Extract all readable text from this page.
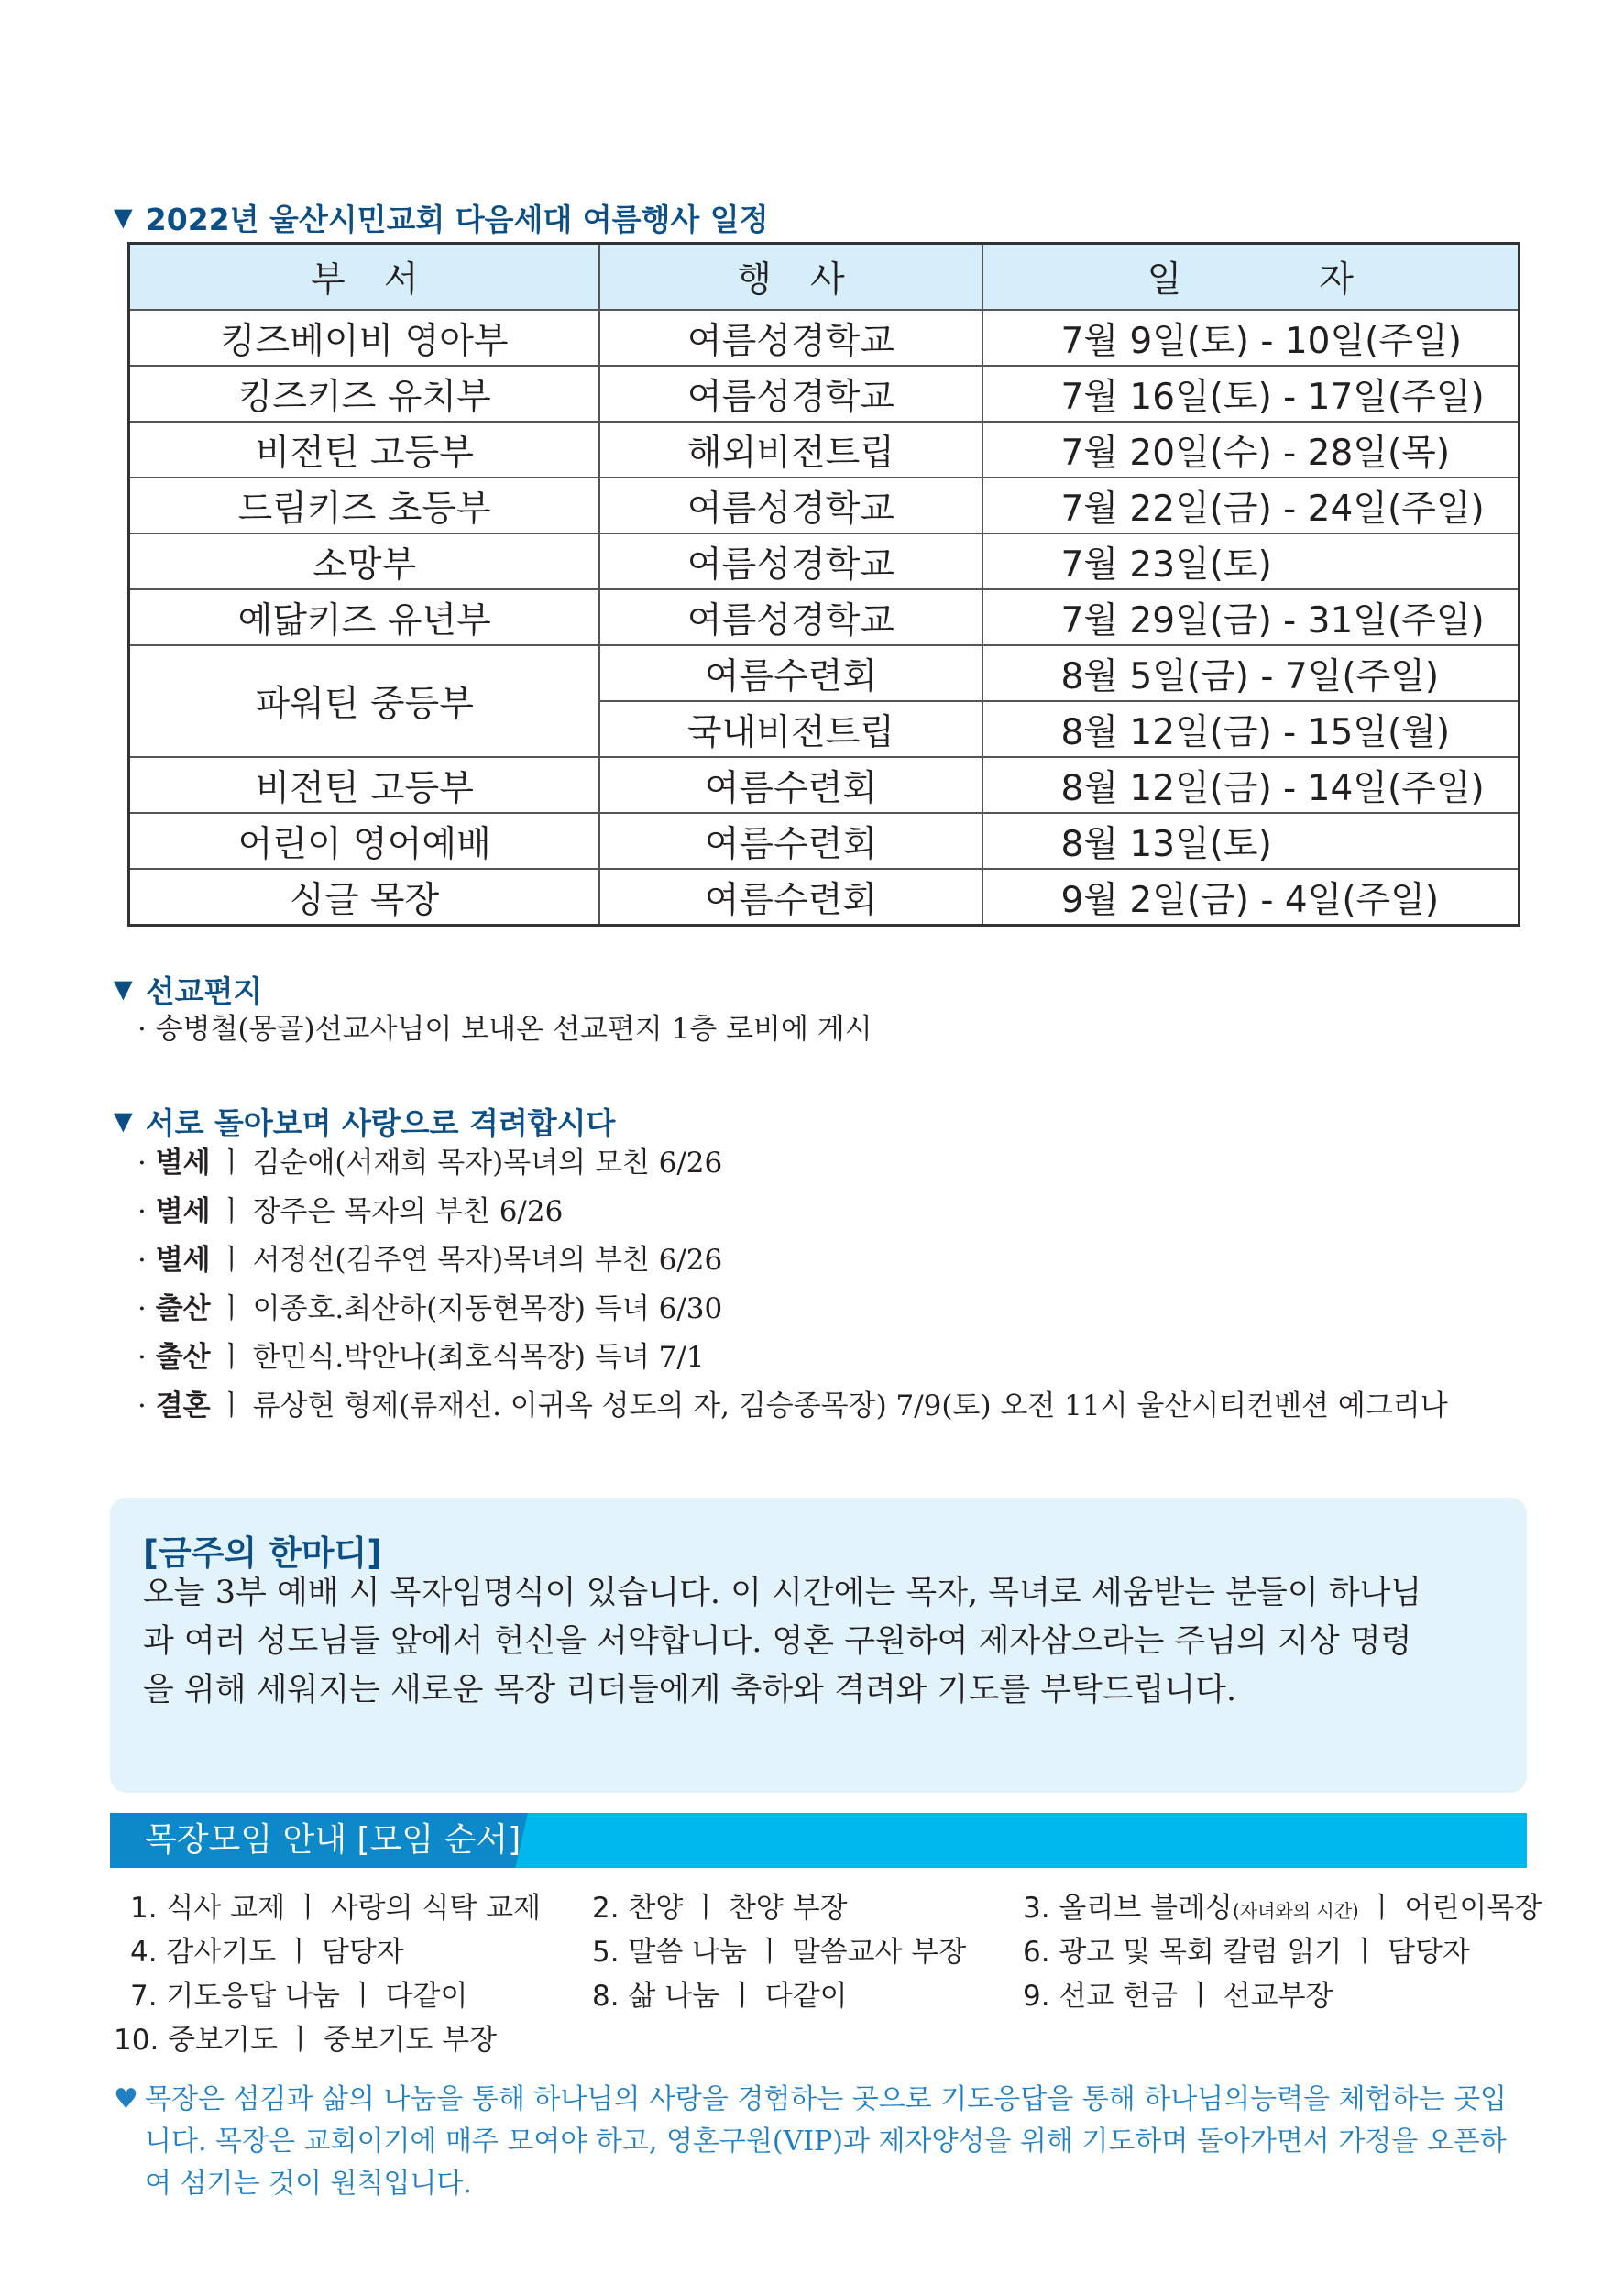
▼ 2022년 울산시민교회 다음세대 여름행사 일정
부서	행사	일자
킹즈베이비 영아부	여름성경학교	7월 9일(토) - 10일(주일)
킹즈키즈 유치부	여름성경학교	7월 16일(토) - 17일(주일)
비전틴 고등부	해외비전트립	7월 20일(수) - 28일(목)
드림키즈 초등부	여름성경학교	7월 22일(금) - 24일(주일)
소망부	여름성경학교	7월 23일(토)
예닮키즈 유년부	여름성경학교	7월 29일(금) - 31일(주일)
파워틴 중등부	여름수련회	8월 5일(금) - 7일(주일)
	국내비전트립	8월 12일(금) - 15일(월)
비전틴 고등부	여름수련회	8월 12일(금) - 14일(주일)
어린이 영어예배	여름수련회	8월 13일(토)
싱글 목장	여름수련회	9월 2일(금) - 4일(주일)
▼ 선교편지
· 송병철(몽골)선교사님이 보내온 선교편지 1층 로비에 게시
▼ 서로 돌아보며 사랑으로 격려합시다
· 별세 ㅣ 김순애(서재희 목자)목녀의 모친 6/26
· 별세 ㅣ 장주은 목자의 부친 6/26
· 별세 ㅣ 서정선(김주연 목자)목녀의 부친 6/26
· 출산 ㅣ 이종호.최산하(지동현목장) 득녀 6/30
· 출산 ㅣ 한민식.박안나(최호식목장) 득녀 7/1
· 결혼 ㅣ 류상현 형제(류재선. 이귀옥 성도의 자, 김승종목장) 7/9(토) 오전 11시 울산시티컨벤션 예그리나
[금주의 한마디]
오늘 3부 예배 시 목자임명식이 있습니다. 이 시간에는 목자, 목녀로 세움받는 분들이 하나님
과 여러 성도님들 앞에서 헌신을 서약합니다. 영혼 구원하여 제자삼으라는 주님의 지상 명령
을 위해 세워지는 새로운 목장 리더들에게 축하와 격려와 기도를 부탁드립니다.
목장모임 안내 [모임 순서]
1. 식사 교제 ㅣ 사랑의 식탁 교제 2. 찬양 ㅣ 찬양 부장	3. 올리브 블레싱(자녀와의 시간) ㅣ 어린이목장
4. 감사기도 ㅣ 담당자	5. 말씀 나눔 ㅣ 말씀교사 부장 6. 광고 및 목회 칼럼 읽기 ㅣ 담당자
7. 기도응답 나눔 ㅣ 다같이	8. 삶 나눔 ㅣ 다같이	9. 선교 헌금 ㅣ 선교부장
10. 중보기도 ㅣ 중보기도 부장
♥ 목장은 섬김과 삶의 나눔을 통해 하나님의 사랑을 경험하는 곳으로 기도응답을 통해 하나님의능력을 체험하는 곳입니다. 목장은 교회이기에 매주 모여야 하고, 영혼구원(VIP)과 제자양성을 위해 기도하며 돌아가면서 가정을 오픈하여 섬기는 것이 원칙입니다.
